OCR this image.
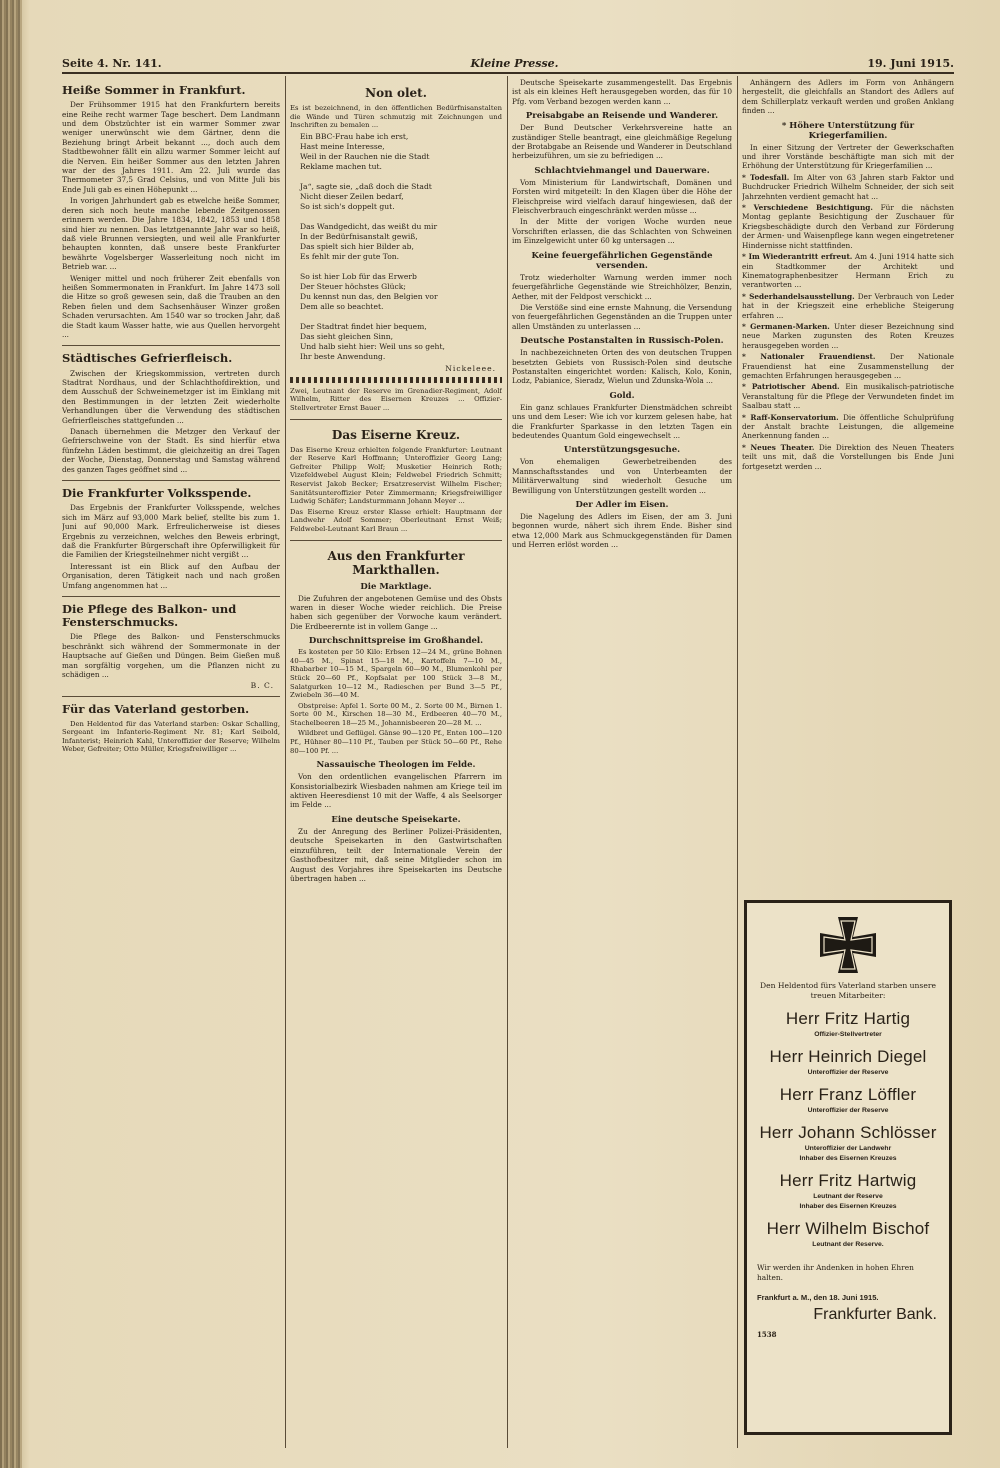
Seite 4. Nr. 141.	Kleine Presse.	19. Juni 1915.
Heiße Sommer in Frankfurt.
Der Frühsommer 1915 hat den Frankfurtern bereits eine Reihe recht warmer Tage beschert. Dem Landmann und dem Obstzüchter ist ein warmer Sommer zwar weniger unerwünscht wie dem Gärtner, denn die Beziehung bringt Arbeit bekannt ..., doch auch dem Stadtbewohner fällt ein allzu warmer Sommer leicht auf die Nerven. Ein heißer Sommer aus den letzten Jahren war der des Jahres 1911. Am 22. Juli wurde das Thermometer 37,5 Grad Celsius, und von Mitte Juli bis Ende Juli gab es einen Höhepunkt ...
In vorigen Jahrhundert gab es etwelche heiße Sommer, deren sich noch heute manche lebende Zeitgenossen erinnern werden. Die Jahre 1834, 1842, 1853 und 1858 sind hier zu nennen. Das letztgenannte Jahr war so heiß, daß viele Brunnen versiegten, und weil alle Frankfurter behaupten konnten, daß unsere beste Frankfurter bewährte Vogelsberger Wasserleitung noch nicht im Betrieb war. ...
Weniger mittel und noch früherer Zeit ebenfalls von heißen Sommermonaten in Frankfurt. Im Jahre 1473 soll die Hitze so groß gewesen sein, daß die Trauben an den Reben fielen und dem Sachsenhäuser Winzer großen Schaden verursachten. Am 1540 war so trocken Jahr, daß die Stadt kaum Wasser hatte, wie aus Quellen hervorgeht ...
Städtisches Gefrierfleisch.
Zwischen der Kriegskommission, vertreten durch Stadtrat Nordhaus, und der Schlachthofdirektion, und dem Ausschuß der Schweinemetzger ist im Einklang mit den Bestimmungen in der letzten Zeit wiederholte Verhandlungen über die Verwendung des städtischen Gefrierfleisches stattgefunden ...
Danach übernehmen die Metzger den Verkauf der Gefrierschweine von der Stadt. Es sind hierfür etwa fünfzehn Läden bestimmt, die gleichzeitig an drei Tagen der Woche, Dienstag, Donnerstag und Samstag während des ganzen Tages geöffnet sind ...
Die Frankfurter Volksspende.
Das Ergebnis der Frankfurter Volksspende, welches sich im März auf 93,000 Mark belief, stellte bis zum 1. Juni auf 90,000 Mark. Erfreulicherweise ist dieses Ergebnis zu verzeichnen, welches den Beweis erbringt, daß die Frankfurter Bürgerschaft ihre Opferwilligkeit für die Familien der Kriegsteilnehmer nicht vergißt ...
Interessant ist ein Blick auf den Aufbau der Organisation, deren Tätigkeit nach und nach großen Umfang angenommen hat ...
Die Pflege des Balkon- und Fensterschmucks.
Die Pflege des Balkon- und Fensterschmucks beschränkt sich während der Sommermonate in der Hauptsache auf Gießen und Düngen. Beim Gießen muß man sorgfältig vorgehen, um die Pflanzen nicht zu schädigen ...
B. C.
Für das Vaterland gestorben.
Den Heldentod für das Vaterland starben: Oskar Schalling, Sergeant im Infanterie-Regiment Nr. 81; Karl Seibold, Infanterist; Heinrich Kahl, Unteroffizier der Reserve; Wilhelm Weber, Gefreiter; Otto Müller, Kriegsfreiwilliger ...
Non olet.
Es ist bezeichnend, in den öffentlichen Bedürfnisanstalten die Wände und Türen schmutzig mit Zeichnungen und Inschriften zu bemalen ...
Ein BBC-Frau habe ich erst,
Hast meine Interesse,
Weil in der Rauchen nie die Stadt
Reklame machen tut.

Ja“, sagte sie, „daß doch die Stadt
Nicht dieser Zeilen bedarf,
So ist sich's doppelt gut.

Das Wandgedicht, das weißt du mir
In der Bedürfnisanstalt gewiß,
Das spielt sich hier Bilder ab,
Es fehlt mir der gute Ton.

So ist hier Lob für das Erwerb
Der Steuer höchstes Glück;
Du kennst nun das, den Belgien vor
Dem alle so beachtet.

Der Stadtrat findet hier bequem,
Das sieht gleichen Sinn,
Und halb sieht hier: Weil uns so geht,
Ihr beste Anwendung.
Nickeleee.
Zwei, Leutnant der Reserve im Grenadier-Regiment, Adolf Wilhelm, Ritter des Eisernen Kreuzes ... Offizier-Stellvertreter Ernst Bauer ...
Das Eiserne Kreuz.
Das Eiserne Kreuz erhielten folgende Frankfurter: Leutnant der Reserve Karl Hoffmann; Unteroffizier Georg Lang; Gefreiter Philipp Wolf; Musketier Heinrich Roth; Vizefeldwebel August Klein; Feldwebel Friedrich Schmitt; Reservist Jakob Becker; Ersatzreservist Wilhelm Fischer; Sanitätsunteroffizier Peter Zimmermann; Kriegsfreiwilliger Ludwig Schäfer; Landsturmmann Johann Meyer ...
Das Eiserne Kreuz erster Klasse erhielt: Hauptmann der Landwehr Adolf Sommer; Oberleutnant Ernst Weiß; Feldwebel-Leutnant Karl Braun ...
Aus den Frankfurter Markthallen.
Die Marktlage.
Die Zufuhren der angebotenen Gemüse und des Obsts waren in dieser Woche wieder reichlich. Die Preise haben sich gegenüber der Vorwoche kaum verändert. Die Erdbeerernte ist in vollem Gange ...
Durchschnittspreise im Großhandel.
Es kosteten per 50 Kilo: Erbsen 12—24 M., grüne Bohnen 40—45 M., Spinat 15—18 M., Kartoffeln 7—10 M., Rhabarber 10—15 M., Spargeln 60—90 M., Blumenkohl per Stück 20—60 Pf., Kopfsalat per 100 Stück 3—8 M., Salatgurken 10—12 M., Radieschen per Bund 3—5 Pf., Zwiebeln 36—40 M.
Obstpreise: Apfel 1. Sorte 00 M., 2. Sorte 00 M., Birnen 1. Sorte 00 M., Kirschen 18—30 M., Erdbeeren 40—70 M., Stachelbeeren 18—25 M., Johannisbeeren 20—28 M. ...
Wildbret und Geflügel. Gänse 90—120 Pf., Enten 100—120 Pf., Hühner 80—110 Pf., Tauben per Stück 50—60 Pf., Rehe 80—100 Pf. ...
Nassauische Theologen im Felde.
Von den ordentlichen evangelischen Pfarrern im Konsistorialbezirk Wiesbaden nahmen am Kriege teil im aktiven Heeresdienst 10 mit der Waffe, 4 als Seelsorger im Felde ...
Eine deutsche Speisekarte.
Zu der Anregung des Berliner Polizei-Präsidenten, deutsche Speisekarten in den Gastwirtschaften einzuführen, teilt der Internationale Verein der Gasthofbesitzer mit, daß seine Mitglieder schon im August des Vorjahres ihre Speisekarten ins Deutsche übertragen haben ...
Deutsche Speisekarte zusammengestellt. Das Ergebnis ist als ein kleines Heft herausgegeben worden, das für 10 Pfg. vom Verband bezogen werden kann ...
Preisabgabe an Reisende und Wanderer.
Der Bund Deutscher Verkehrsvereine hatte an zuständiger Stelle beantragt, eine gleichmäßige Regelung der Brotabgabe an Reisende und Wanderer in Deutschland herbeizuführen, um sie zu befriedigen ...
Schlachtviehmangel und Dauerware.
Vom Ministerium für Landwirtschaft, Domänen und Forsten wird mitgeteilt: In den Klagen über die Höhe der Fleischpreise wird vielfach darauf hingewiesen, daß der Fleischverbrauch eingeschränkt werden müsse ...
In der Mitte der vorigen Woche wurden neue Vorschriften erlassen, die das Schlachten von Schweinen im Einzelgewicht unter 60 kg untersagen ...
Keine feuergefährlichen Gegenstände versenden.
Trotz wiederholter Warnung werden immer noch feuergefährliche Gegenstände wie Streichhölzer, Benzin, Aether, mit der Feldpost verschickt ...
Die Verstöße sind eine ernste Mahnung, die Versendung von feuergefährlichen Gegenständen an die Truppen unter allen Umständen zu unterlassen ...
Deutsche Postanstalten in Russisch-Polen.
In nachbezeichneten Orten des von deutschen Truppen besetzten Gebiets von Russisch-Polen sind deutsche Postanstalten eingerichtet worden: Kalisch, Kolo, Konin, Lodz, Pabianice, Sieradz, Wielun und Zdunska-Wola ...
Gold.
Ein ganz schlaues Frankfurter Dienstmädchen schreibt uns und dem Leser: Wie ich vor kurzem gelesen habe, hat die Frankfurter Sparkasse in den letzten Tagen ein bedeutendes Quantum Gold eingewechselt ...
Unterstützungsgesuche.
Von ehemaligen Gewerbetreibenden des Mannschaftsstandes und von Unterbeamten der Militärverwaltung sind wiederholt Gesuche um Bewilligung von Unterstützungen gestellt worden ...
Der Adler im Eisen.
Die Nagelung des Adlers im Eisen, der am 3. Juni begonnen wurde, nähert sich ihrem Ende. Bisher sind etwa 12,000 Mark aus Schmuckgegenständen für Damen und Herren erlöst worden ...
Anhängern des Adlers im Form von Anhängern hergestellt, die gleichfalls an Standort des Adlers auf dem Schillerplatz verkauft werden und großen Anklang finden ...
* Höhere Unterstützung für Kriegerfamilien.
In einer Sitzung der Vertreter der Gewerkschaften und ihrer Vorstände beschäftigte man sich mit der Erhöhung der Unterstützung für Kriegerfamilien ...
* Todesfall. Im Alter von 63 Jahren starb Faktor und Buchdrucker Friedrich Wilhelm Schneider, der sich seit Jahrzehnten verdient gemacht hat ...
* Verschiedene Besichtigung. Für die nächsten Montag geplante Besichtigung der Zuschauer für Kriegsbeschädigte durch den Verband zur Förderung der Armen- und Waisenpflege kann wegen eingetretener Hindernisse nicht stattfinden.
* Im Wiederantritt erfreut. Am 4. Juni 1914 hatte sich ein Stadtkommer der Architekt und Kinematographenbesitzer Hermann Erich zu verantworten ...
* Sederhandelsausstellung. Der Verbrauch von Leder hat in der Kriegszeit eine erhebliche Steigerung erfahren ...
* Germanen-Marken. Unter dieser Bezeichnung sind neue Marken zugunsten des Roten Kreuzes herausgegeben worden ...
* Nationaler Frauendienst. Der Nationale Frauendienst hat eine Zusammenstellung der gemachten Erfahrungen herausgegeben ...
* Patriotischer Abend. Ein musikalisch-patriotische Veranstaltung für die Pflege der Verwundeten findet im Saalbau statt ...
* Raff-Konservatorium. Die öffentliche Schulprüfung der Anstalt brachte Leistungen, die allgemeine Anerkennung fanden ...
* Neues Theater. Die Direktion des Neuen Theaters teilt uns mit, daß die Vorstellungen bis Ende Juni fortgesetzt werden ...
Den Heldentod fürs Vaterland starben unsere treuen Mitarbeiter:
Herr Fritz Hartig
Offizier-Stellvertreter
Herr Heinrich Diegel
Unteroffizier der Reserve
Herr Franz Löffler
Unteroffizier der Reserve
Herr Johann Schlösser
Unteroffizier der Landwehr
Inhaber des Eisernen Kreuzes
Herr Fritz Hartwig
Leutnant der Reserve
Inhaber des Eisernen Kreuzes
Herr Wilhelm Bischof
Leutnant der Reserve.
Wir werden ihr Andenken in hohen Ehren halten.
Frankfurt a. M., den 18. Juni 1915.
Frankfurter Bank.
1538
